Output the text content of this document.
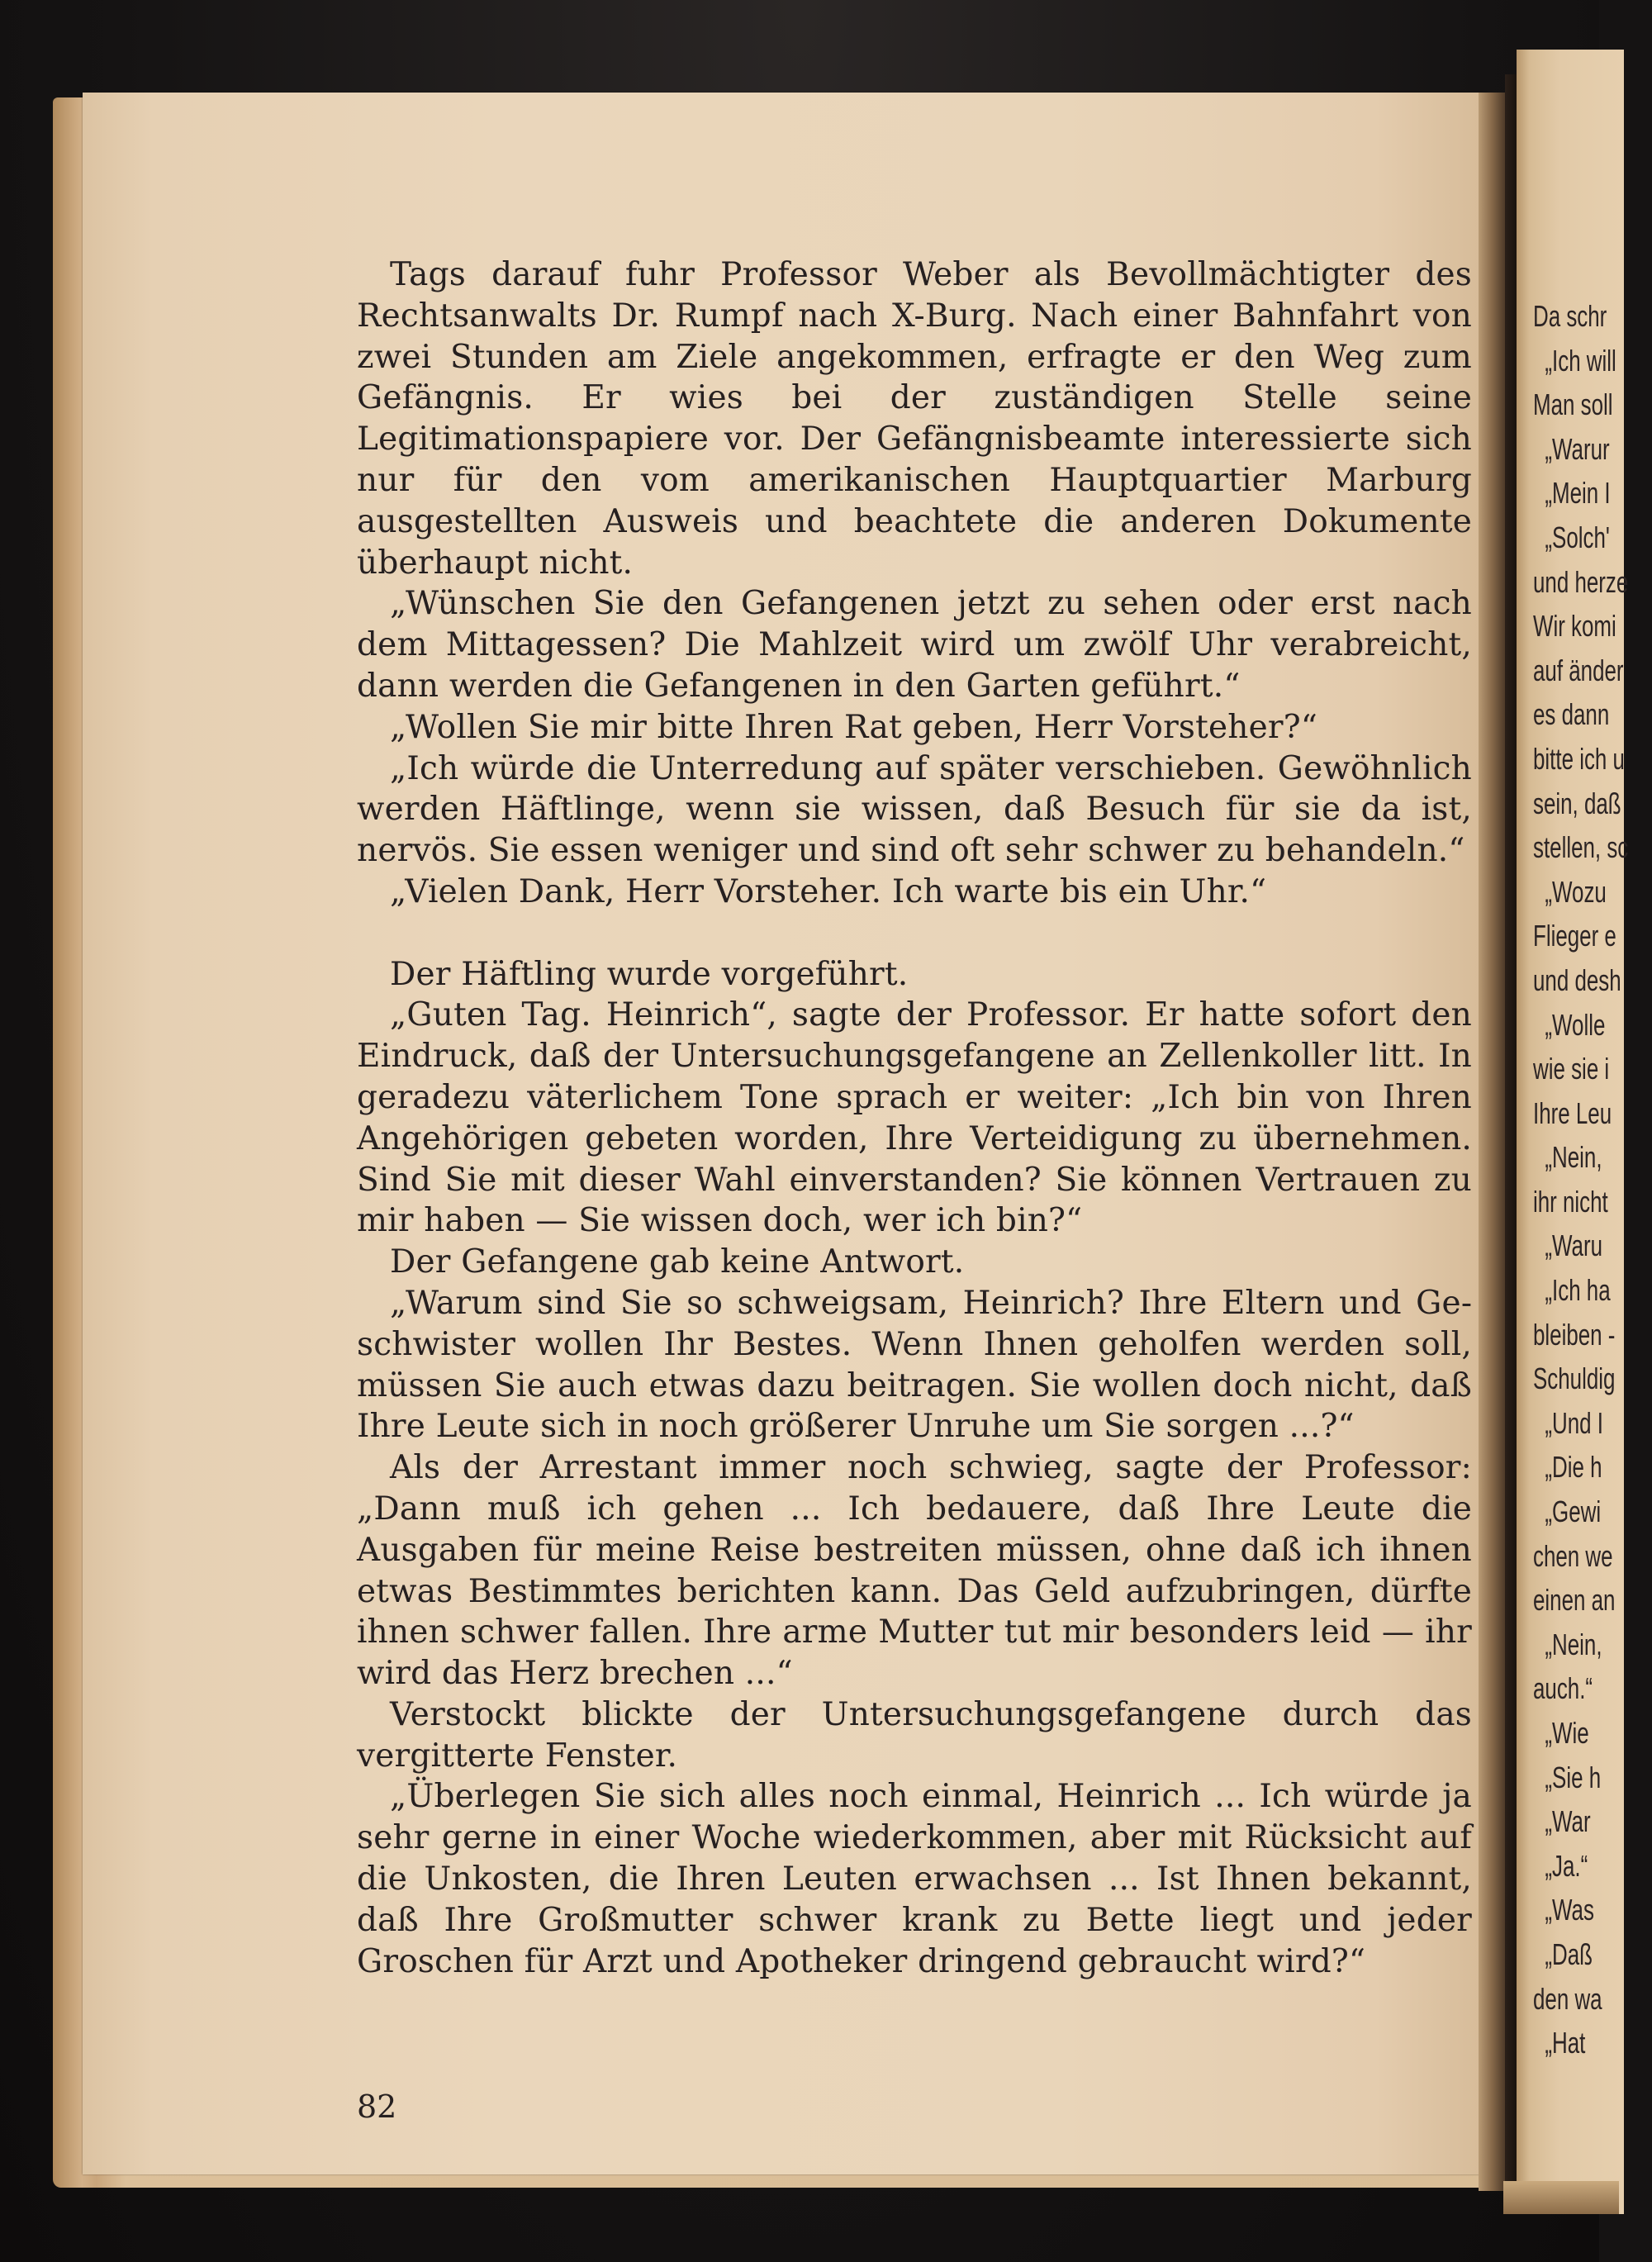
Da schr
„Ich will
Man soll
„Warur
„Mein I
„Solch'
und herze
Wir komi
auf änder
es dann
bitte ich u
sein, daß
stellen, sc
„Wozu
Flieger e
und desh
„Wolle
wie sie i
Ihre Leu
„Nein,
ihr nicht
„Waru
„Ich ha
bleiben -
Schuldig
„Und I
„Die h
„Gewi
chen we
einen an
„Nein,
auch.“
„Wie
„Sie h
„War
„Ja.“
„Was
„Daß
den wa
„Hat

Tags darauf fuhr Professor Weber als Bevollmächtigter des Rechtsanwalts Dr. Rumpf nach X-Burg. Nach einer Bahnfahrt von zwei Stunden am Ziele angekommen, erfragte er den Weg zum Gefängnis. Er wies bei der zuständigen Stelle seine Legitimationspapiere vor. Der Gefängnisbeamte interessierte sich nur für den vom amerikanischen Hauptquartier Marburg ausgestellten Ausweis und beachtete die anderen Dokumente überhaupt nicht.

„Wünschen Sie den Gefangenen jetzt zu sehen oder erst nach dem Mittagessen? Die Mahlzeit wird um zwölf Uhr verabreicht, dann werden die Gefangenen in den Garten geführt.“

„Wollen Sie mir bitte Ihren Rat geben, Herr Vorsteher?“

„Ich würde die Unterredung auf später verschieben. Gewöhnlich werden Häftlinge, wenn sie wissen, daß Besuch für sie da ist, nervös. Sie essen weniger und sind oft sehr schwer zu behandeln.“

„Vielen Dank, Herr Vorsteher. Ich warte bis ein Uhr.“

Der Häftling wurde vorgeführt.

„Guten Tag. Heinrich“, sagte der Professor. Er hatte sofort den Eindruck, daß der Untersuchungsgefangene an Zellenkoller litt. In geradezu väterlichem Tone sprach er weiter: „Ich bin von Ihren Angehörigen gebeten worden, Ihre Verteidigung zu übernehmen. Sind Sie mit dieser Wahl einverstanden? Sie können Vertrauen zu mir haben — Sie wissen doch, wer ich bin?“

Der Gefangene gab keine Antwort.

„Warum sind Sie so schweigsam, Heinrich? Ihre Eltern und Geschwister wollen Ihr Bestes. Wenn Ihnen geholfen werden soll, müssen Sie auch etwas dazu beitragen. Sie wollen doch nicht, daß Ihre Leute sich in noch größerer Unruhe um Sie sorgen ...?“

Als der Arrestant immer noch schwieg, sagte der Professor: „Dann muß ich gehen ... Ich bedauere, daß Ihre Leute die Ausgaben für meine Reise bestreiten müssen, ohne daß ich ihnen etwas Bestimmtes berichten kann. Das Geld aufzubringen, dürfte ihnen schwer fallen. Ihre arme Mutter tut mir besonders leid — ihr wird das Herz brechen ...“

Verstockt blickte der Untersuchungsgefangene durch das vergitterte Fenster.

„Überlegen Sie sich alles noch einmal, Heinrich ... Ich würde ja sehr gerne in einer Woche wiederkommen, aber mit Rücksicht auf die Unkosten, die Ihren Leuten erwachsen ... Ist Ihnen bekannt, daß Ihre Großmutter schwer krank zu Bette liegt und jeder Groschen für Arzt und Apotheker dringend gebraucht wird?“

82
